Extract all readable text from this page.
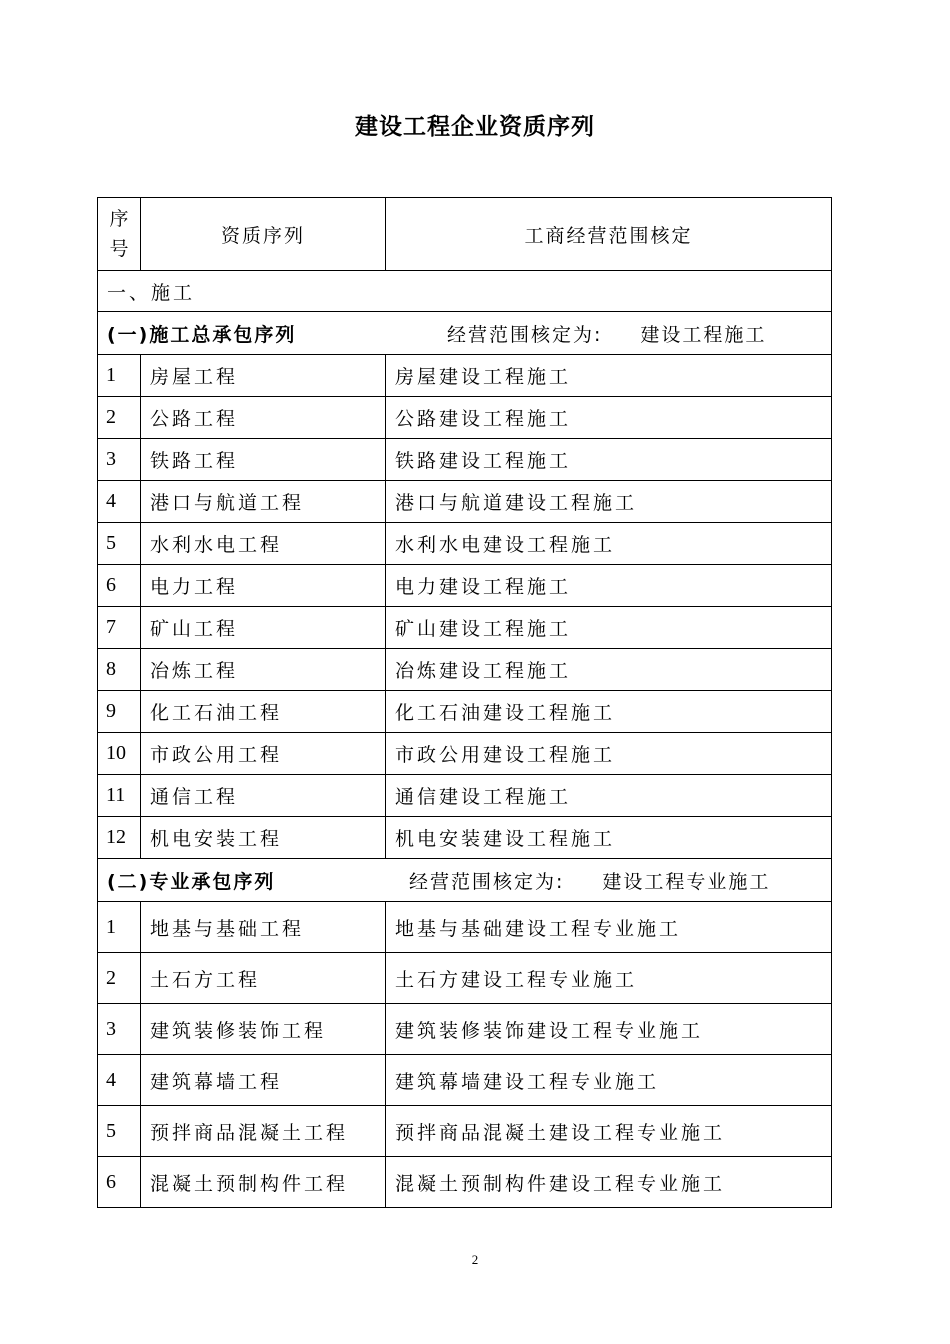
建设工程企业资质序列
序号	资质序列	工商经营范围核定
一、施工		
(一)施工总承包序列 经营范围核定为: 建设工程施工		
1	房屋工程	房屋建设工程施工
2	公路工程	公路建设工程施工
3	铁路工程	铁路建设工程施工
4	港口与航道工程	港口与航道建设工程施工
5	水利水电工程	水利水电建设工程施工
6	电力工程	电力建设工程施工
7	矿山工程	矿山建设工程施工
8	冶炼工程	冶炼建设工程施工
9	化工石油工程	化工石油建设工程施工
10	市政公用工程	市政公用建设工程施工
11	通信工程	通信建设工程施工
12	机电安装工程	机电安装建设工程施工
(二)专业承包序列 经营范围核定为: 建设工程专业施工		
1	地基与基础工程	地基与基础建设工程专业施工
2	土石方工程	土石方建设工程专业施工
3	建筑装修装饰工程	建筑装修装饰建设工程专业施工
4	建筑幕墙工程	建筑幕墙建设工程专业施工
5	预拌商品混凝土工程	预拌商品混凝土建设工程专业施工
6	混凝土预制构件工程	混凝土预制构件建设工程专业施工
2
